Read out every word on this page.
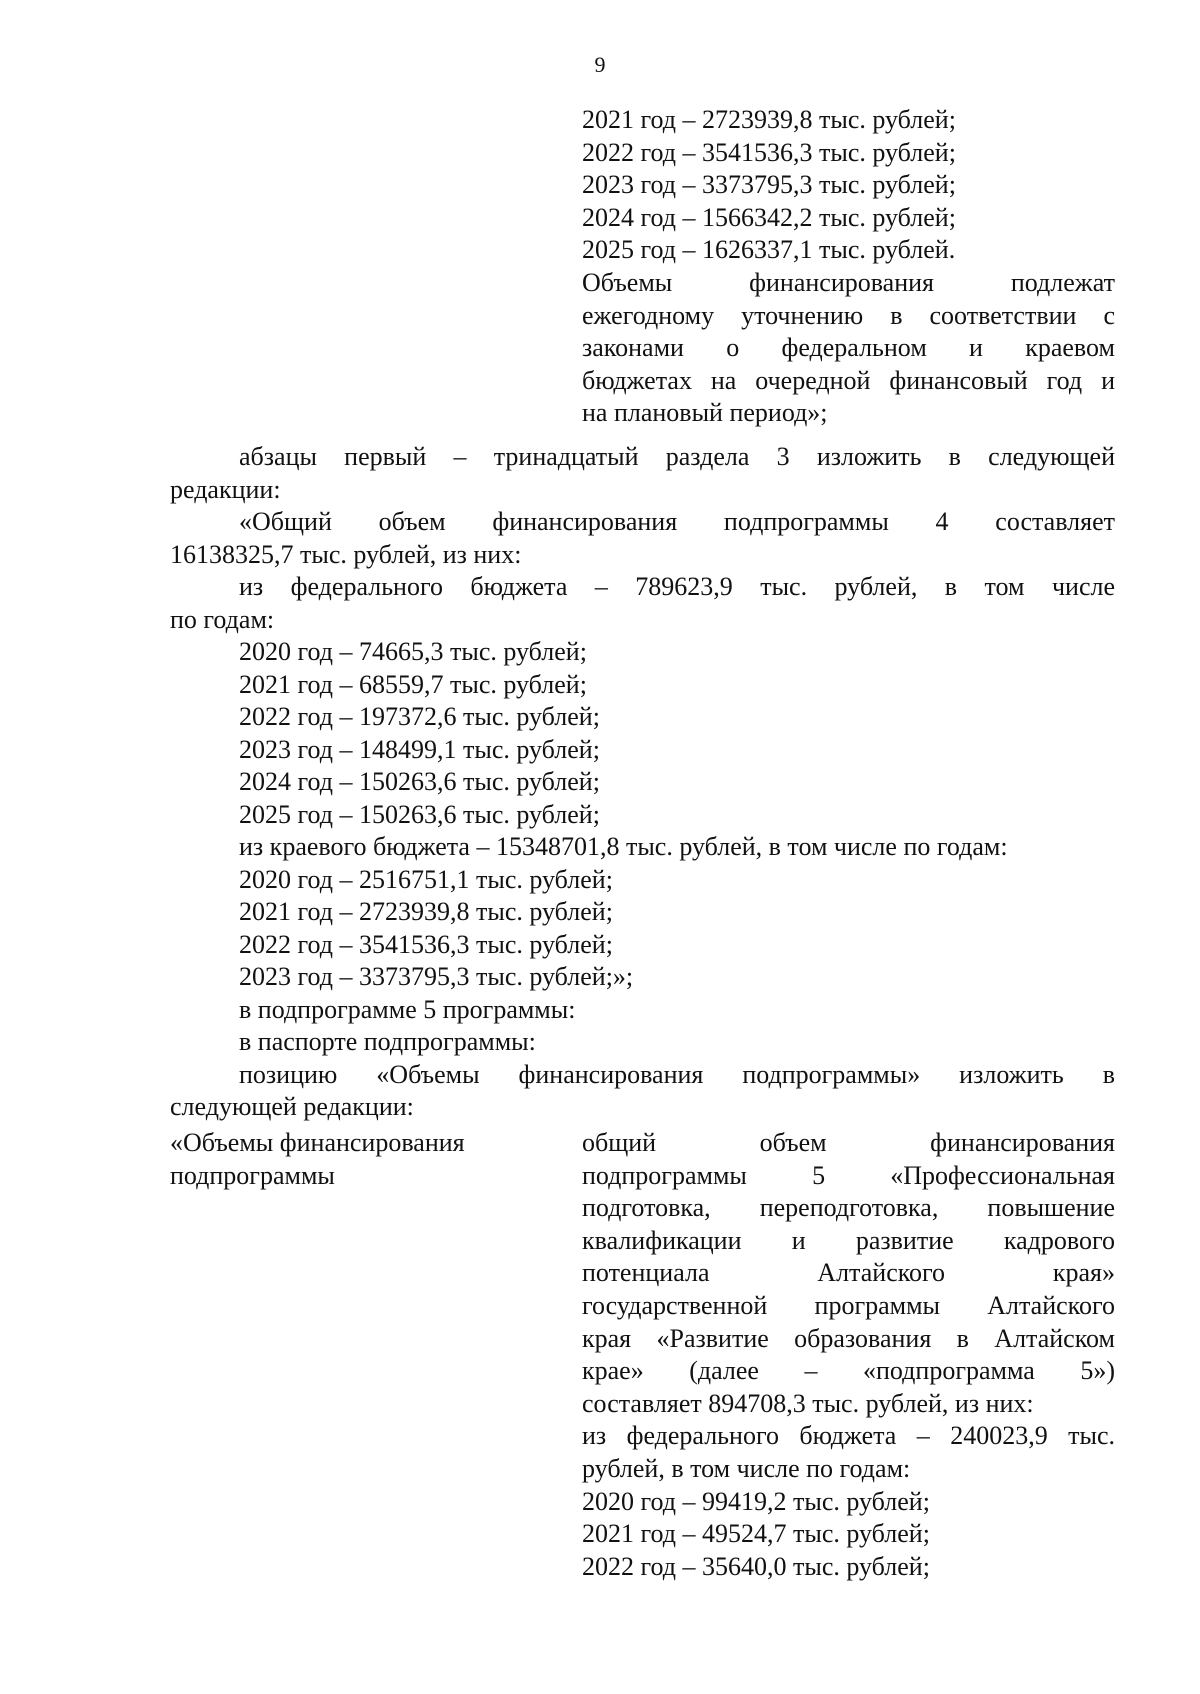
9
2021 год – 2723939,8 тыс. рублей;
2022 год – 3541536,3 тыс. рублей;
2023 год – 3373795,3 тыс. рублей;
2024 год – 1566342,2 тыс. рублей;
2025 год – 1626337,1 тыс. рублей.
Объемы финансирования подлежат
ежегодному уточнению в соответствии с
законами о федеральном и краевом
бюджетах на очередной финансовый год и
на плановый период»;
абзацы первый – тринадцатый раздела 3 изложить в следующей
редакции:
«Общий объем финансирования подпрограммы 4 составляет
16138325,7 тыс. рублей, из них:
из федерального бюджета – 789623,9 тыс. рублей, в том числе
по годам:
2020 год – 74665,3 тыс. рублей;
2021 год – 68559,7 тыс. рублей;
2022 год – 197372,6 тыс. рублей;
2023 год – 148499,1 тыс. рублей;
2024 год – 150263,6 тыс. рублей;
2025 год – 150263,6 тыс. рублей;
из краевого бюджета – 15348701,8 тыс. рублей, в том числе по годам:
2020 год – 2516751,1 тыс. рублей;
2021 год – 2723939,8 тыс. рублей;
2022 год – 3541536,3 тыс. рублей;
2023 год – 3373795,3 тыс. рублей;»;
в подпрограмме 5 программы:
в паспорте подпрограммы:
позицию «Объемы финансирования подпрограммы» изложить в
следующей редакции:
«Объемы финансирования
подпрограммы
общий объем финансирования
подпрограммы 5 «Профессиональная
подготовка, переподготовка, повышение
квалификации и развитие кадрового
потенциала Алтайского края»
государственной программы Алтайского
края «Развитие образования в Алтайском
крае» (далее – «подпрограмма 5»)
составляет 894708,3 тыс. рублей, из них:
из федерального бюджета – 240023,9 тыс.
рублей, в том числе по годам:
2020 год – 99419,2 тыс. рублей;
2021 год – 49524,7 тыс. рублей;
2022 год – 35640,0 тыс. рублей;
